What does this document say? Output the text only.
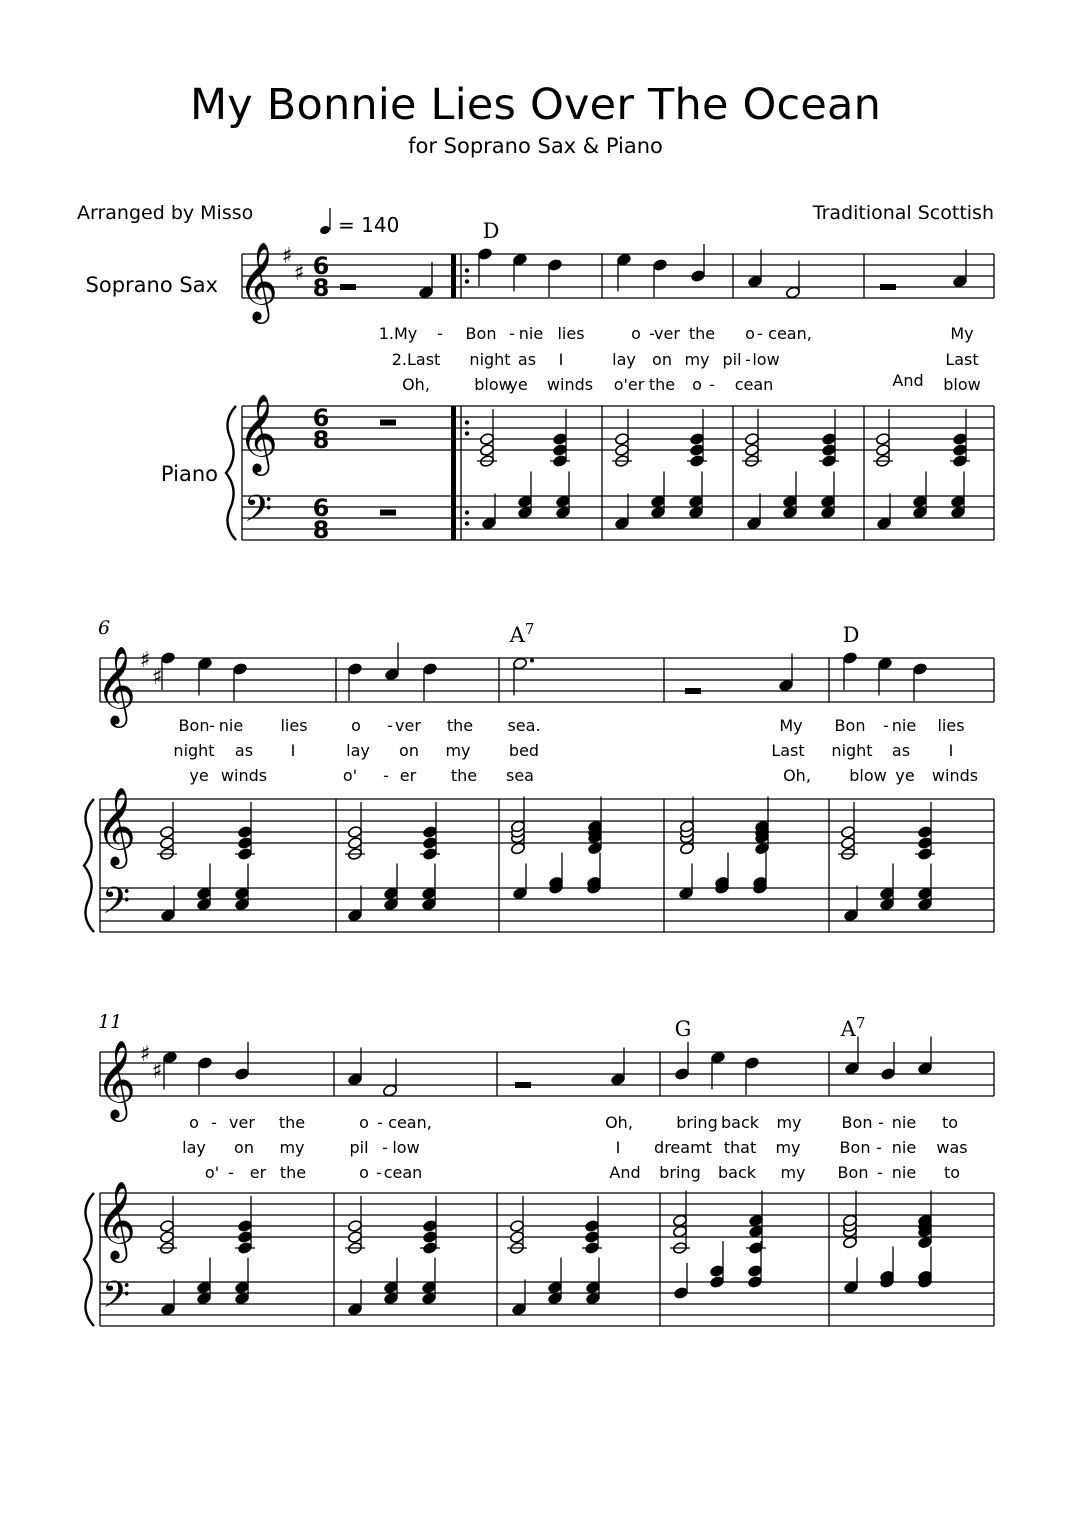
My Bonnie Lies Over The Ocean
for Soprano Sax & Piano
Arranged by Misso	Traditional Scottish
𝄞
𝄞
𝄢
♯
♯ 6
8
6
8
6
8
Soprano Sax
Piano
= 140
𝄞
𝄞
𝄢
♯
♯
6
𝄞
𝄞
𝄢
♯
♯
11
D
$A^7$	D
G	$A^7$
1.My - Bon - nie lies	o - ver the o - cean,	My
2.Last night as I	lay on my pil - low	Last
Oh,	blow
ye winds o'er the o - cean	And blow
Bon - nie lies	o - ver the sea.	My Bon - nie lies
night as I	lay on my bed	Last night as I
ye winds	o' - er the sea	Oh, blow ye winds
o - ver the	o - cean,	Oh,	bring back my	Bon - nie to
lay on my	pil - low	I dreamt that my Bon - nie was
o' - er the	o - cean	And bring back my Bon - nie to
